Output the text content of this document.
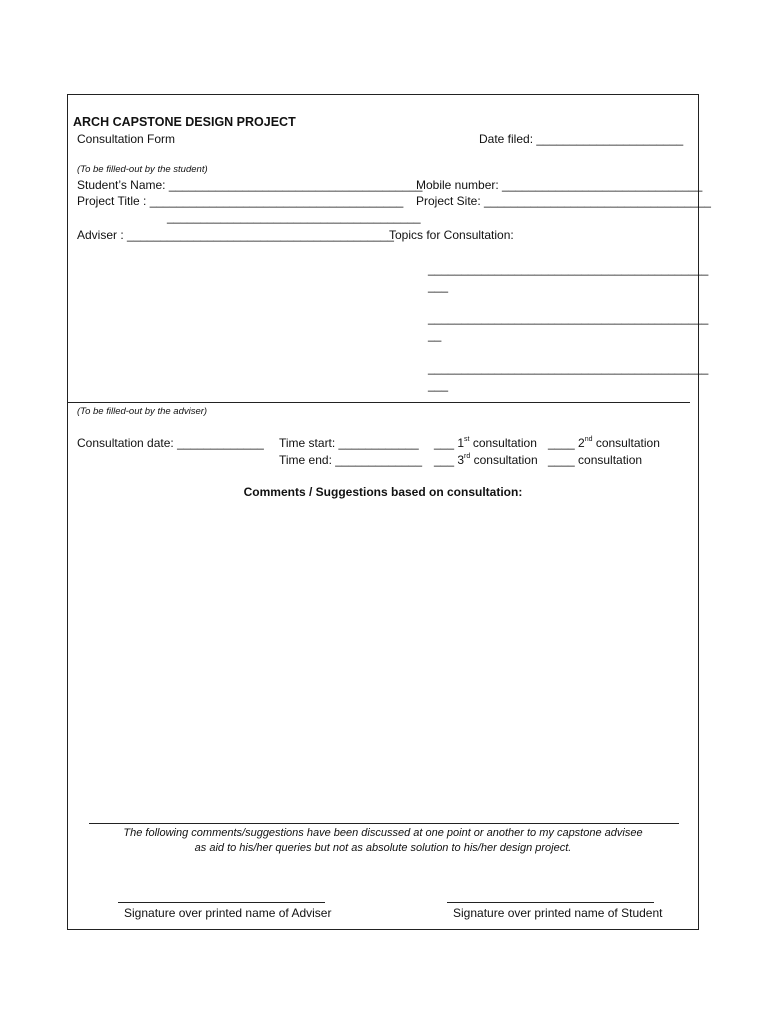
ARCH CAPSTONE DESIGN PROJECT
Consultation Form	Date filed: ______________________
(To be filled-out by the student)
Student’s Name: ______________________________________
Mobile number: ______________________________
Project Title : ______________________________________
______________________________________
Project Site: __________________________________
Adviser : ________________________________________
Topics for Consultation:
__________________________________________
___
__________________________________________
__
__________________________________________
___
(To be filled-out by the adviser)
Consultation date: _____________ Time start: ____________
Time end: _____________
___ 1st consultation ____ 2nd consultation
___ 3rd consultation ____ consultation
Comments / Suggestions based on consultation:
The following comments/suggestions have been discussed at one point or another to my capstone advisee
as aid to his/her queries but not as absolute solution to his/her design project.
Signature over printed name of Adviser	Signature over printed name of Student
